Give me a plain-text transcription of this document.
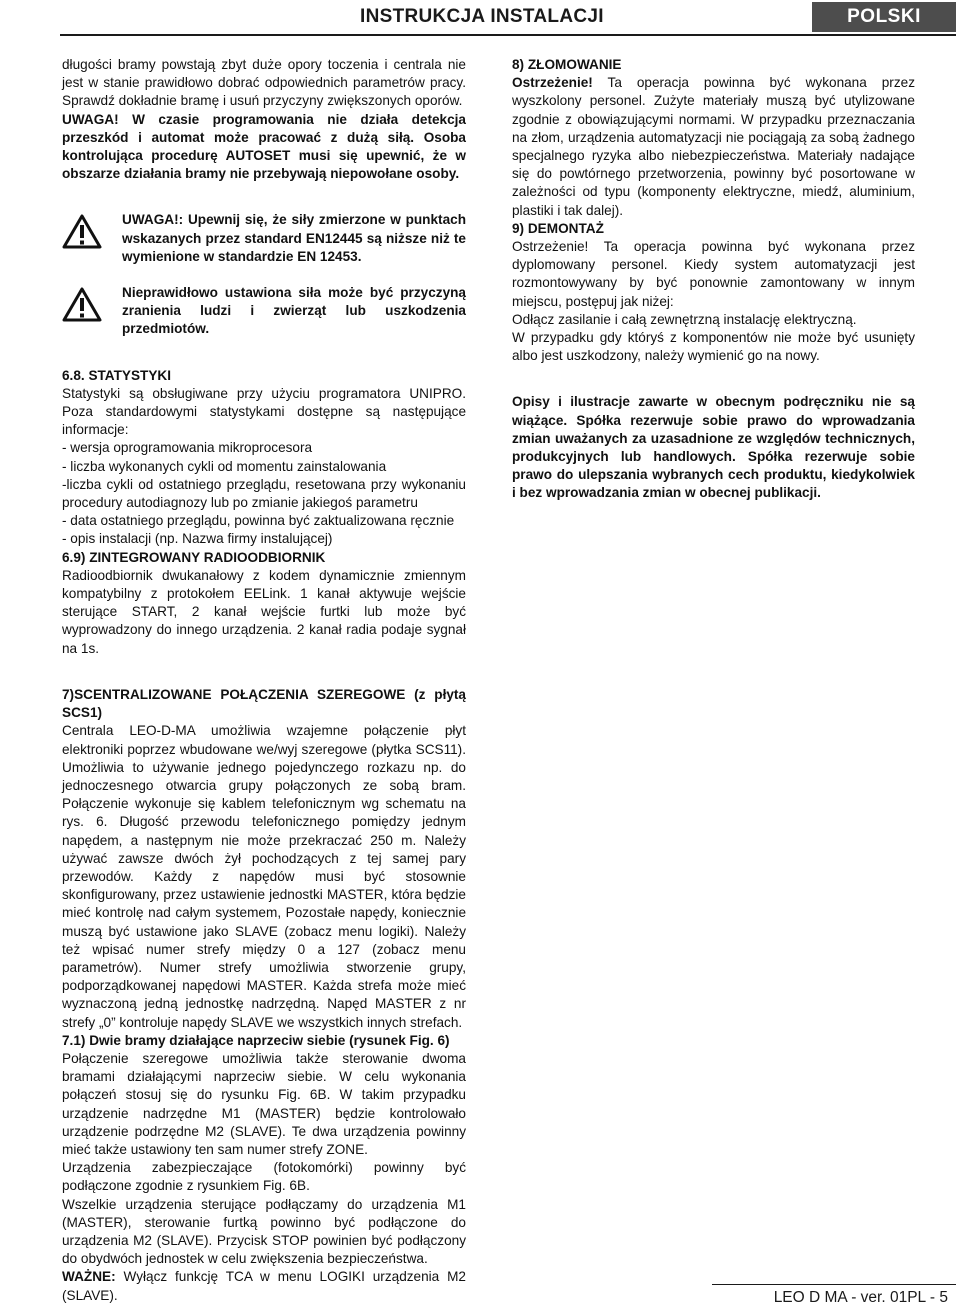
INSTRUKCJA INSTALACJI	POLSKI

długości bramy powstają zbyt duże opory toczenia i centrala nie jest w stanie prawidłowo dobrać odpowiednich parametrów pracy. Sprawdź dokładnie bramę i usuń przyczyny zwiększonych oporów.

UWAGA! W czasie programowania nie działa detekcja przeszkód i automat może pracować z dużą siłą. Osoba kontrolująca procedurę AUTOSET musi się upewnić, że w obszarze działania bramy nie przebywają niepowołane osoby.

UWAGA!: Upewnij się, że siły zmierzone w punktach wskazanych przez standard EN12445 są niższe niż te wymienione w standardzie EN 12453.

Nieprawidłowo ustawiona siła może być przyczyną zranienia ludzi i zwierząt lub uszkodzenia przedmiotów.

6.8. STATYSTYKI

Statystyki są obsługiwane przy użyciu programatora UNIPRO. Poza standardowymi statystykami dostępne są następujące informacje:

- wersja oprogramowania mikroprocesora

- liczba wykonanych cykli od momentu zainstalowania

-liczba cykli od ostatniego przeglądu, resetowana przy wykonaniu procedury autodiagnozy lub po zmianie jakiegoś parametru

- data ostatniego przeglądu, powinna być zaktualizowana ręcznie

- opis instalacji (np. Nazwa firmy instalującej)

6.9) ZINTEGROWANY RADIOODBIORNIK

Radioodbiornik dwukanałowy z kodem dynamicznie zmiennym kompatybilny z protokołem EELink. 1 kanał aktywuje wejście sterujące START, 2 kanał wejście furtki lub może być wyprowadzony do innego urządzenia. 2 kanał radia podaje sygnał na 1s.

7)SCENTRALIZOWANE POŁĄCZENIA SZEREGOWE (z płytą SCS1)

Centrala LEO-D-MA umożliwia wzajemne połączenie płyt elektroniki poprzez wbudowane we/wyj szeregowe (płytka SCS11). Umożliwia to używanie jednego pojedynczego rozkazu np. do jednoczesnego otwarcia grupy połączonych ze sobą bram. Połączenie wykonuje się kablem telefonicznym wg schematu na rys. 6. Długość przewodu telefonicznego pomiędzy jednym napędem, a następnym nie może przekraczać 250 m. Należy używać zawsze dwóch żył pochodzących z tej samej pary przewodów. Każdy z napędów musi być stosownie skonfigurowany, przez ustawienie jednostki MASTER, która będzie mieć kontrolę nad całym systemem, Pozostałe napędy, koniecznie muszą być ustawione jako SLAVE (zobacz menu logiki). Należy też wpisać numer strefy między 0 a 127 (zobacz menu parametrów). Numer strefy umożliwia stworzenie grupy, podporządkowanej napędowi MASTER. Każda strefa może mieć wyznaczoną jedną jednostkę nadrzędną. Napęd MASTER z nr strefy „0” kontroluje napędy SLAVE we wszystkich innych strefach.

7.1) Dwie bramy działające naprzeciw siebie (rysunek Fig. 6)

Połączenie szeregowe umożliwia także sterowanie dwoma bramami działającymi naprzeciw siebie. W celu wykonania połączeń stosuj się do rysunku Fig. 6B. W takim przypadku urządzenie nadrzędne M1 (MASTER) będzie kontrolowało urządzenie podrzędne M2 (SLAVE). Te dwa urządzenia powinny mieć także ustawiony ten sam numer strefy ZONE.

Urządzenia zabezpieczające (fotokomórki) powinny być podłączone zgodnie z rysunkiem Fig. 6B.

Wszelkie urządzenia sterujące podłączamy do urządzenia M1 (MASTER), sterowanie furtką powinno być podłączone do urządzenia M2 (SLAVE). Przycisk STOP powinien być podłączony do obydwóch jednostek w celu zwiększenia bezpieczeństwa.

WAŻNE: Wyłącz funkcję TCA w menu LOGIKI urządzenia M2 (SLAVE).

8) ZŁOMOWANIE

Ostrzeżenie! Ta operacja powinna być wykonana przez wyszkolony personel. Zużyte materiały muszą być utylizowane zgodnie z obowiązującymi normami. W przypadku przeznaczania na złom, urządzenia automatyzacji nie pociągają za sobą żadnego specjalnego ryzyka albo niebezpieczeństwa. Materiały nadające się do powtórnego przetworzenia, powinny być posortowane w zależności od typu (komponenty elektryczne, miedź, aluminium, plastiki i tak dalej).

9) DEMONTAŻ

Ostrzeżenie! Ta operacja powinna być wykonana przez dyplomowany personel. Kiedy system automatyzacji jest rozmontowywany by być ponownie zamontowany w innym miejscu, postępuj jak niżej:

Odłącz zasilanie i całą zewnętrzną instalację elektryczną.

W przypadku gdy któryś z komponentów nie może być usunięty albo jest uszkodzony, należy wymienić go na nowy.

Opisy i ilustracje zawarte w obecnym podręczniku nie są wiążące. Spółka rezerwuje sobie prawo do wprowadzania zmian uważanych za uzasadnione ze względów technicznych, produkcyjnych lub handlowych. Spółka rezerwuje sobie prawo do ulepszania wybranych cech produktu, kiedykolwiek i bez wprowadzania zmian w obecnej publikacji.

LEO D MA - ver. 01PL - 5
